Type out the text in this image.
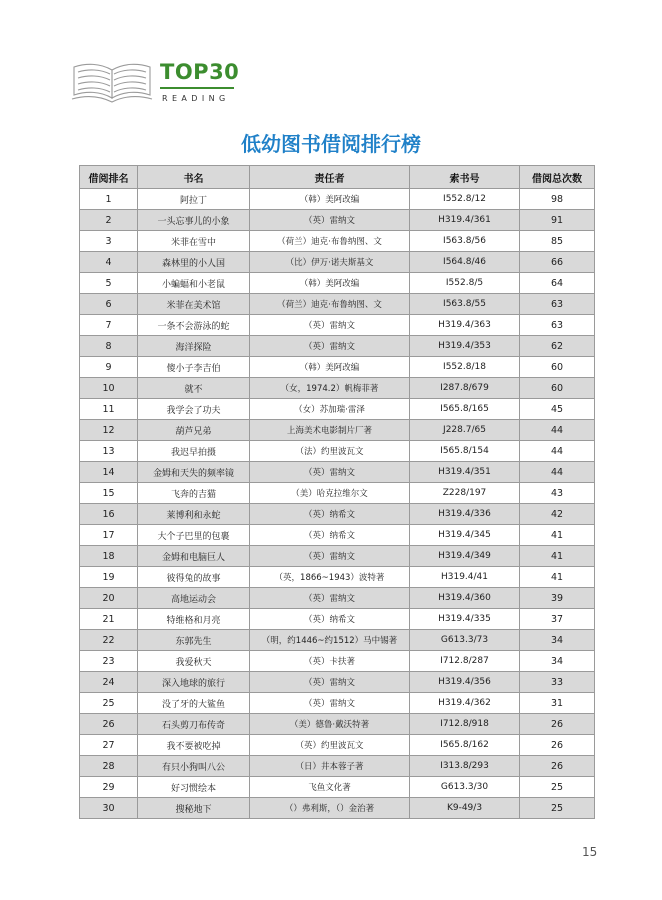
TOP30
READING
低幼图书借阅排行榜
借阅排名	书名	责任者	索书号	借阅总次数
1	阿拉丁	（韩）美阿改编	I552.8/12	98
2	一头忘事儿的小象	（英）雷纳文	H319.4/361	91
3	米菲在雪中	（荷兰）迪克·布鲁纳图、文	I563.8/56	85
4	森林里的小人国	（比）伊万·诺夫斯基文	I564.8/46	66
5	小蝙蝠和小老鼠	（韩）美阿改编	I552.8/5	64
6	米菲在美术馆	（荷兰）迪克·布鲁纳图、文	I563.8/55	63
7	一条不会游泳的蛇	（英）雷纳文	H319.4/363	63
8	海洋探险	（英）雷纳文	H319.4/353	62
9	傻小子李吉伯	（韩）美阿改编	I552.8/18	60
10	就不	（女，1974.2）帆梅菲著	I287.8/679	60
11	我学会了功夫	（女）苏加瑞·雷泽	I565.8/165	45
12	葫芦兄弟	上海美术电影制片厂著	J228.7/65	44
13	我迟早拍摄	（法）约里波瓦文	I565.8/154	44
14	金姆和天失的频率镜	（英）雷纳文	H319.4/351	44
15	飞奔的吉猫	（美）哈克拉维尔文	Z228/197	43
16	莱博利和永蛇	（英）纳希文	H319.4/336	42
17	大个子巴里的包裹	（英）纳希文	H319.4/345	41
18	金姆和电脑巨人	（英）雷纳文	H319.4/349	41
19	彼得兔的故事	（英，1866~1943）波特著	H319.4/41	41
20	高地运动会	（英）雷纳文	H319.4/360	39
21	特维格和月亮	（英）纳希文	H319.4/335	37
22	东郭先生	（明，约1446~约1512）马中锡著	G613.3/73	34
23	我爱秋天	（英）卡扶著	I712.8/287	34
24	深入地球的旅行	（英）雷纳文	H319.4/356	33
25	没了牙的大鲨鱼	（英）雷纳文	H319.4/362	31
26	石头剪刀布传奇	（美）德鲁·戴沃特著	I712.8/918	26
27	我不要被吃掉	（英）约里波瓦文	I565.8/162	26
28	有只小狗叫八公	（日）井本蓉子著	I313.8/293	26
29	好习惯绘本	飞鱼文化著	G613.3/30	25
30	搜秘地下	（）弗利斯，（）金治著	K9-49/3	25
15
